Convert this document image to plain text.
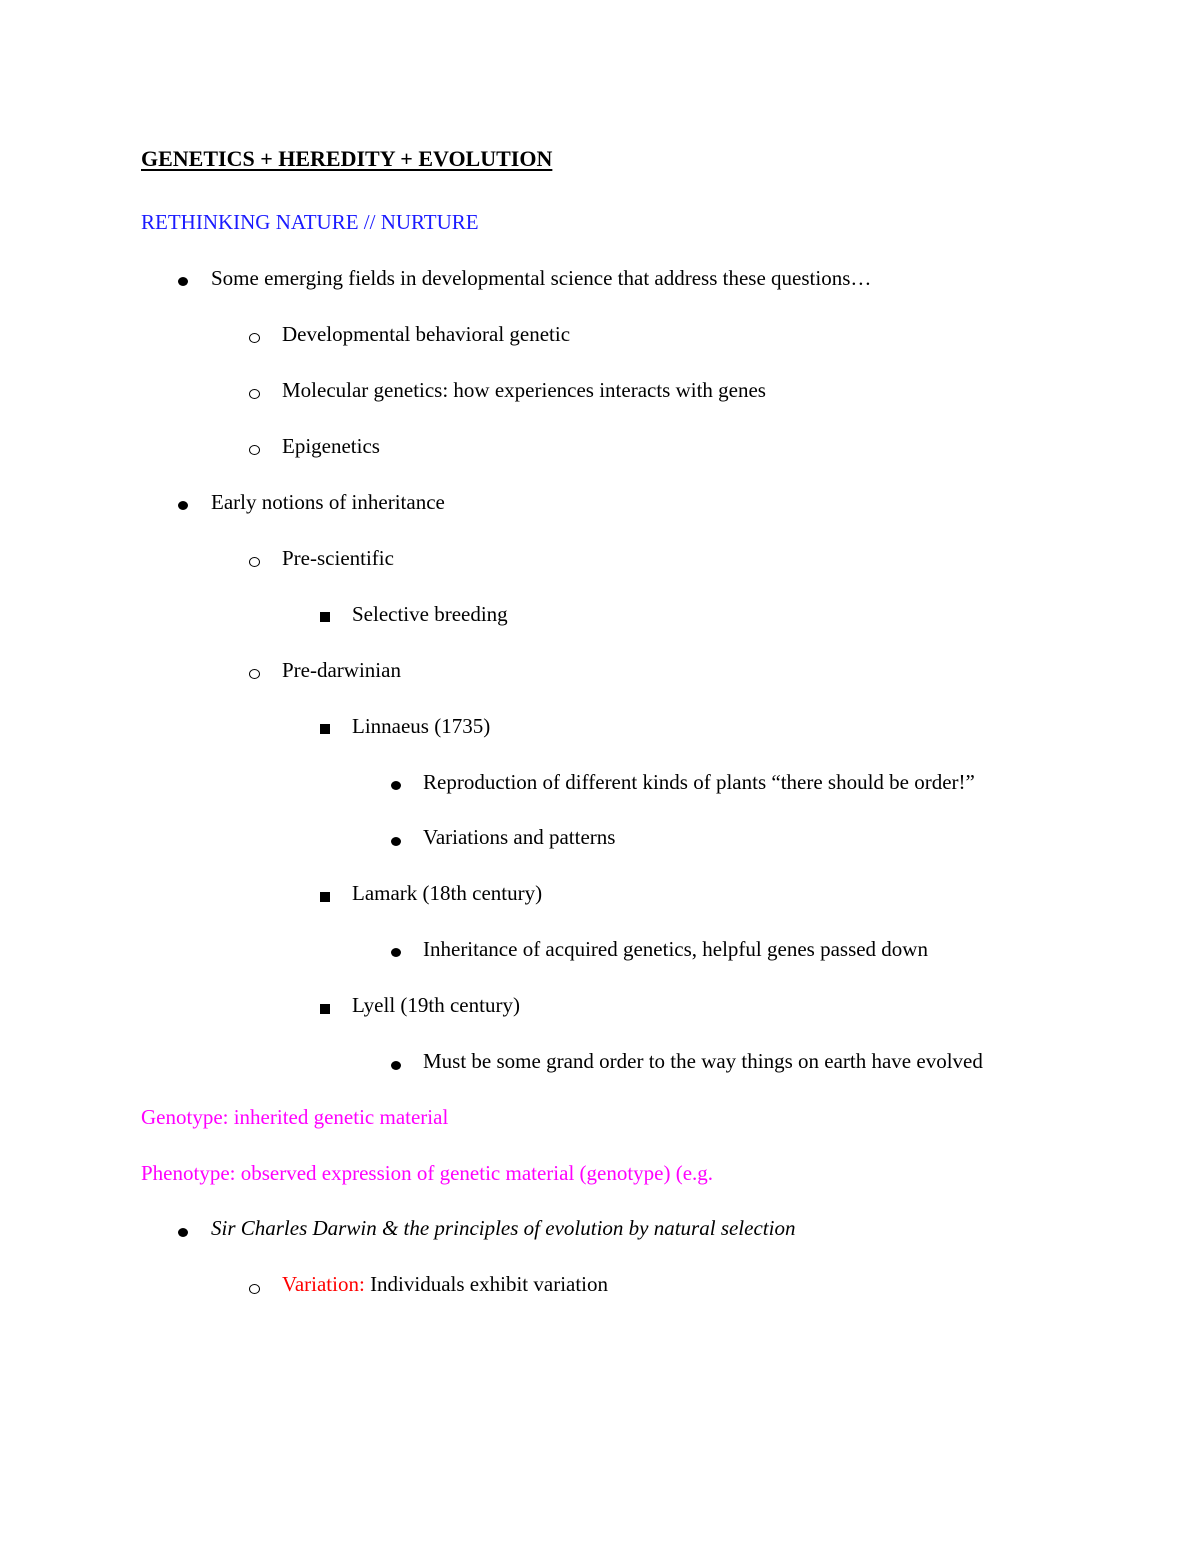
GENETICS + HEREDITY + EVOLUTION
RETHINKING NATURE // NURTURE
Some emerging fields in developmental science that address these questions…
Developmental behavioral genetic
Molecular genetics: how experiences interacts with genes
Epigenetics
Early notions of inheritance
Pre-scientific
Selective breeding
Pre-darwinian
Linnaeus (1735)
Reproduction of different kinds of plants “there should be order!”
Variations and patterns
Lamark (18th century)
Inheritance of acquired genetics, helpful genes passed down
Lyell (19th century)
Must be some grand order to the way things on earth have evolved
Genotype: inherited genetic material
Phenotype: observed expression of genetic material (genotype) (e.g.
Sir Charles Darwin & the principles of evolution by natural selection
Variation: Individuals exhibit variation
